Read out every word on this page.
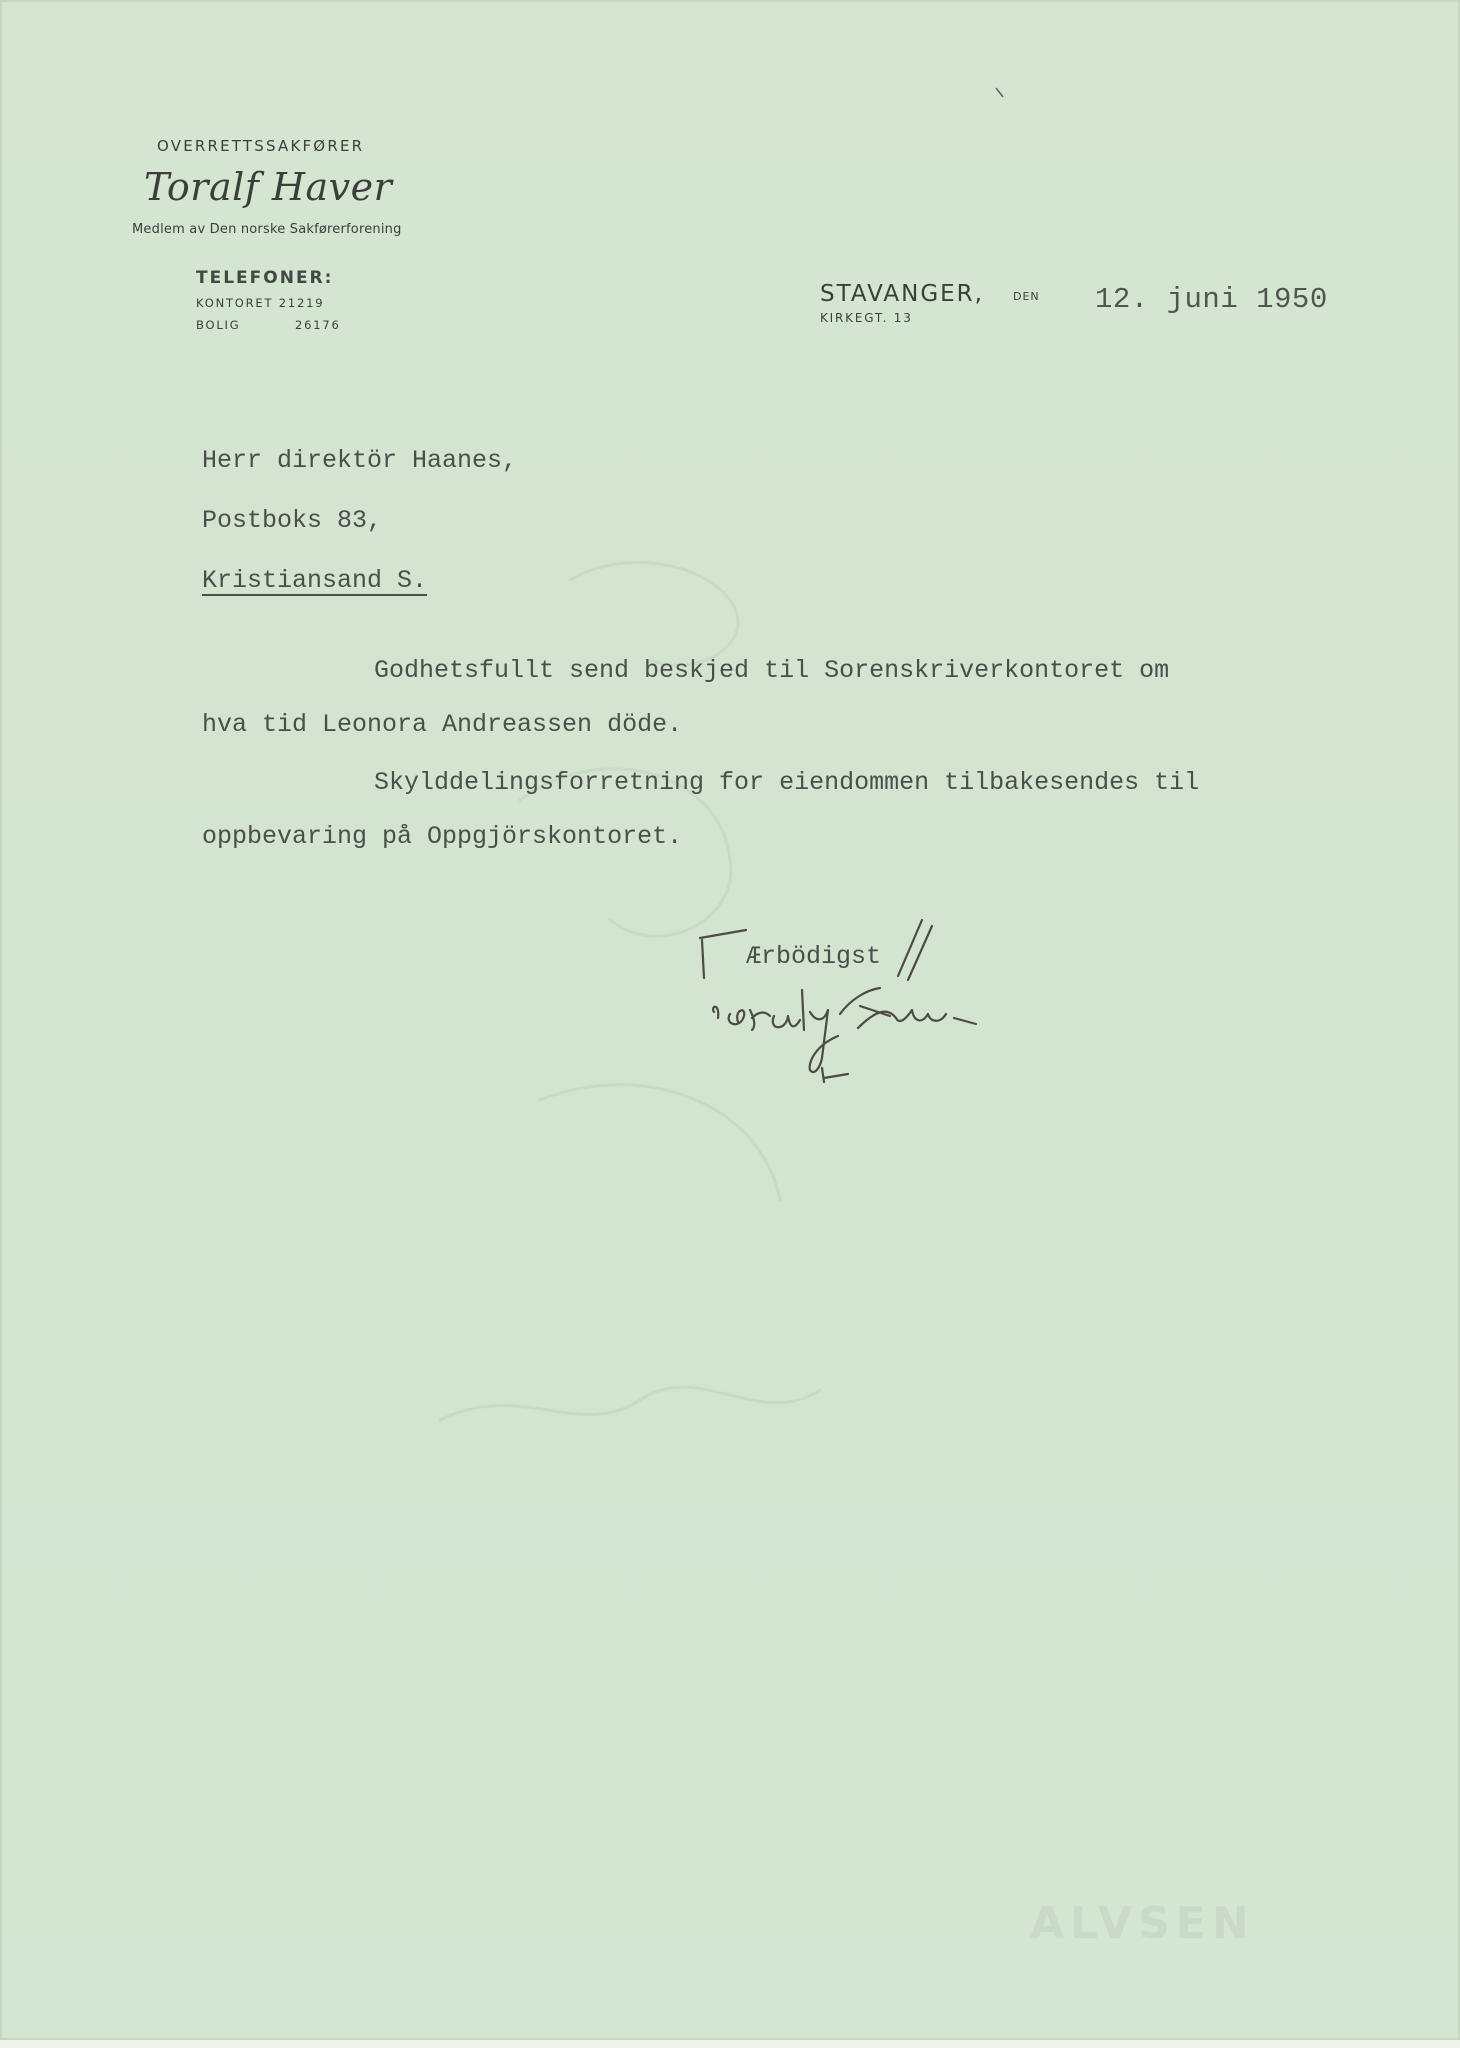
OVERRETTSSAKFØRER
Toralf Haver
Medlem av Den norske Sakførerforening
TELEFONER:
KONTORET 21219
BOLIG	26176
STAVANGER,	DEN
KIRKEGT. 13
12. juni 1950
Herr direktör Haanes,
Postboks 83,
Kristiansand S.
Godhetsfullt send beskjed til Sorenskriverkontoret om
hva tid Leonora Andreassen döde.
Skylddelingsforretning for eiendommen tilbakesendes til
oppbevaring på Oppgjörskontoret.
Ærbödigst
ALVSEN
